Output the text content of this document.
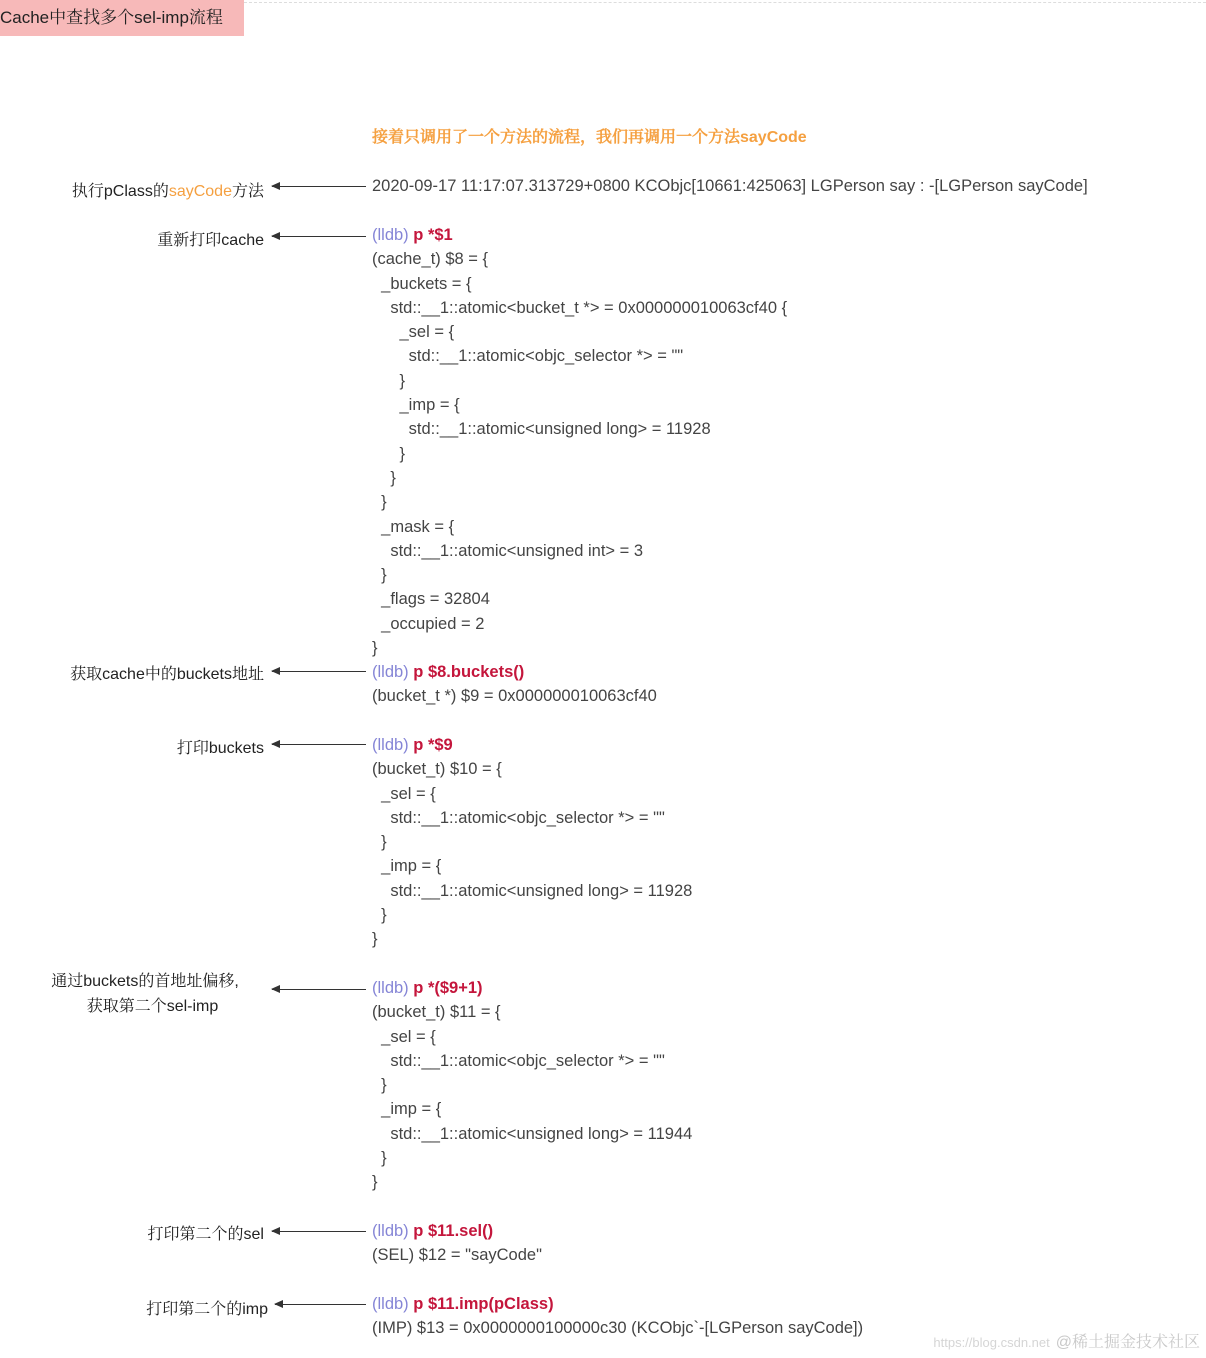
Cache中查找多个sel-imp流程
接着只调用了一个方法的流程，我们再调用一个方法sayCode
执行pClass的sayCode方法
重新打印cache
获取cache中的buckets地址
打印buckets
通过buckets的首地址偏移,
获取第二个sel-imp
打印第二个的sel
打印第二个的imp
2020-09-17 11:17:07.313729+0800 KCObjc[10661:425063] LGPerson say : -[LGPerson sayCode]
(lldb) p *$1
(cache_t) $8 = {
_buckets = {
std::__1::atomic<bucket_t *> = 0x000000010063cf40 {
_sel = {
std::__1::atomic<objc_selector *> = ""
}
_imp = {
std::__1::atomic<unsigned long> = 11928
}
}
}
_mask = {
std::__1::atomic<unsigned int> = 3
}
_flags = 32804
_occupied = 2
}
(lldb) p $8.buckets()
(bucket_t *) $9 = 0x000000010063cf40
(lldb) p *$9
(bucket_t) $10 = {
_sel = {
std::__1::atomic<objc_selector *> = ""
}
_imp = {
std::__1::atomic<unsigned long> = 11928
}
}
(lldb) p *($9+1)
(bucket_t) $11 = {
_sel = {
std::__1::atomic<objc_selector *> = ""
}
_imp = {
std::__1::atomic<unsigned long> = 11944
}
}
(lldb) p $11.sel()
(SEL) $12 = "sayCode"
(lldb) p $11.imp(pClass)
(IMP) $13 = 0x0000000100000c30 (KCObjc`-[LGPerson sayCode])
https://blog.csdn.net @稀土掘金技术社区
